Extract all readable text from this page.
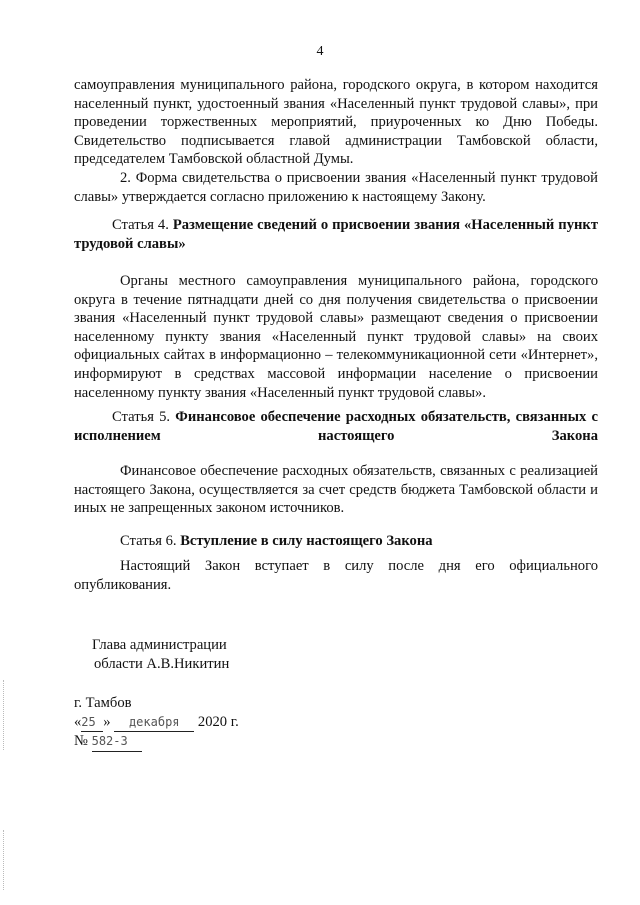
4
самоуправления муниципального района, городского округа, в котором находится населенный пункт, удостоенный звания «Населенный пункт трудовой славы», при проведении торжественных мероприятий, приуроченных ко Дню Победы. Свидетельство подписывается главой администрации Тамбовской области, председателем Тамбовской областной Думы.
2. Форма свидетельства о присвоении звания «Населенный пункт трудовой славы» утверждается согласно приложению к настоящему Закону.
Статья 4. Размещение сведений о присвоении звания «Населенный пункт трудовой славы»
Органы местного самоуправления муниципального района, городского округа в течение пятнадцати дней со дня получения свидетельства о присвоении звания «Населенный пункт трудовой славы» размещают сведения о присвоении населенному пункту звания «Населенный пункт трудовой славы» на своих официальных сайтах в информационно – телекоммуникационной сети «Интернет», информируют в средствах массовой информации население о присвоении населенному пункту звания «Населенный пункт трудовой славы».
Статья 5. Финансовое обеспечение расходных обязательств, связанных с исполнением настоящего Закона
Финансовое обеспечение расходных обязательств, связанных с реализацией настоящего Закона, осуществляется за счет средств бюджета Тамбовской области и иных не запрещенных законом источников.
Статья 6. Вступление в силу настоящего Закона
Настоящий Закон вступает в силу после дня его официального опубликования.
Глава администрации
области А.В.Никитин
г. Тамбов
«25 » декабря 2020 г.
№ 582-З
